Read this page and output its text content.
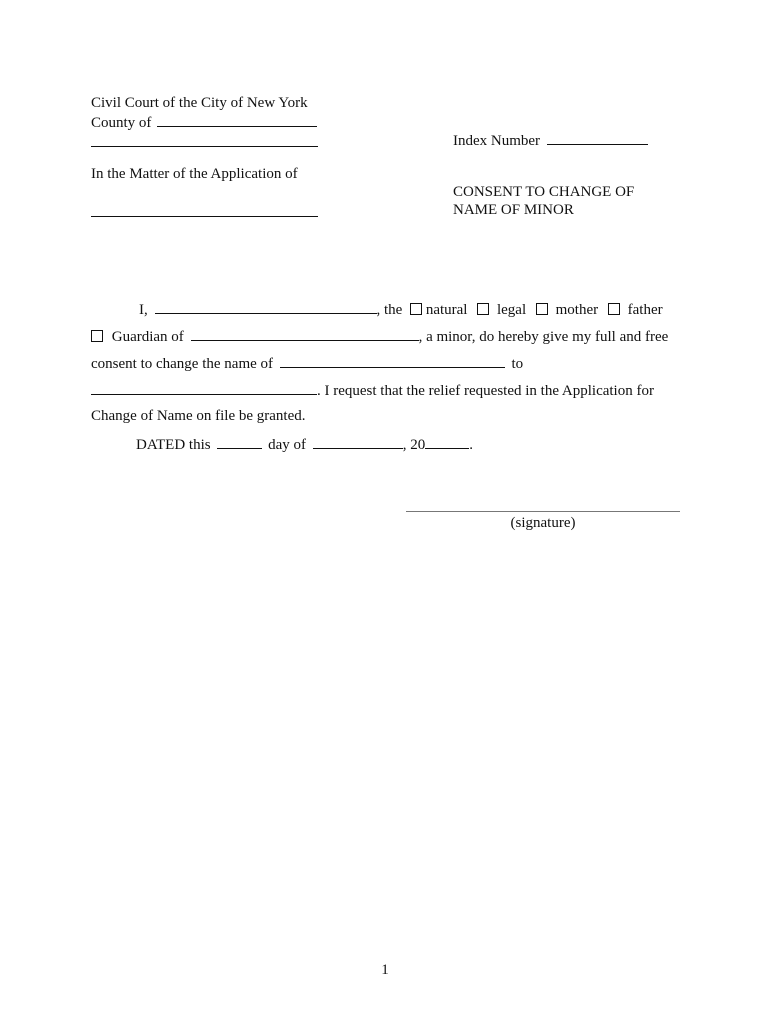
Civil Court of the City of New York
County of
Index Number
In the Matter of the Application of
CONSENT TO CHANGE OF
NAME OF MINOR
I,	, the natural legal mother father
Guardian of	, a minor, do hereby give my full and free
consent to change the name of	to
. I request that the relief requested in the Application for
Change of Name on file be granted.
DATED this	day of	, 20	.
(signature)
1
